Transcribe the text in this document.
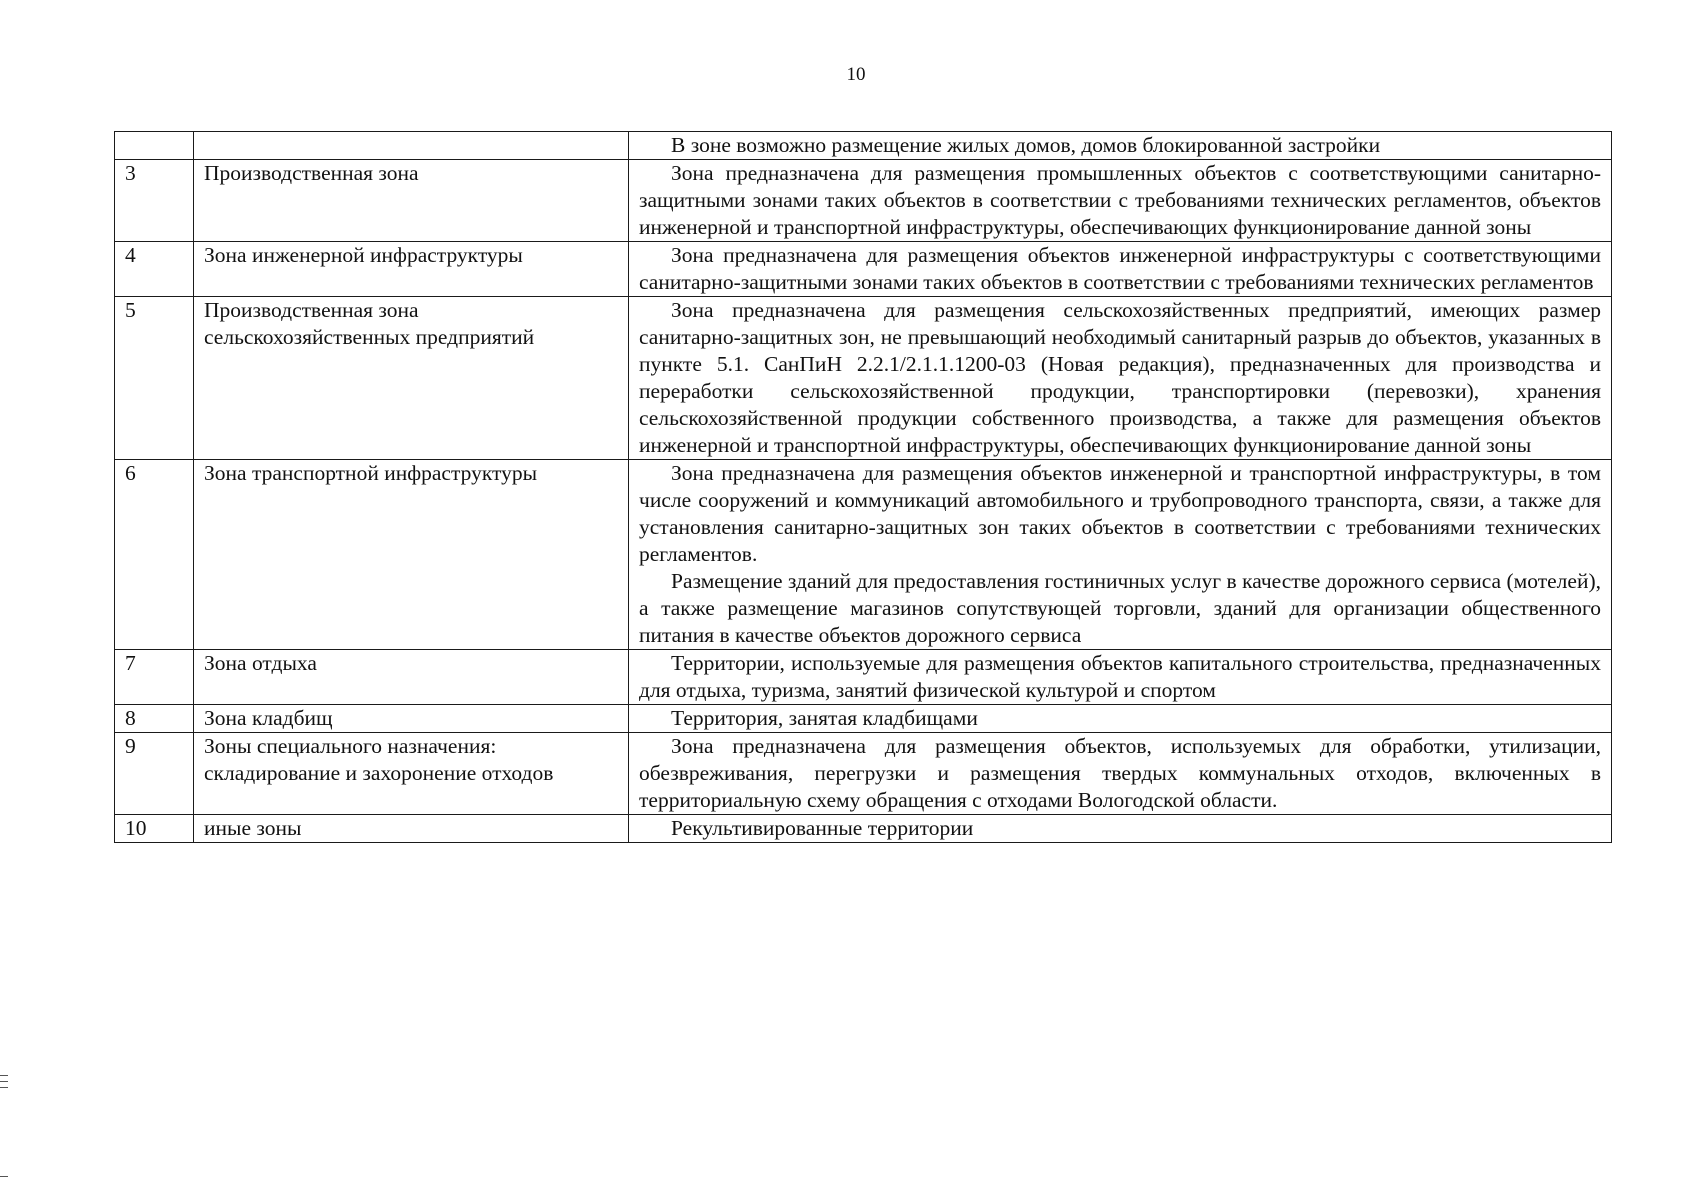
10

		В зоне возможно размещение жилых домов, домов блокированной застройки

3	Производственная зона	Зона предназначена для размещения промышленных объектов с соответствующими санитарно-защитными зонами таких объектов в соответствии с требованиями технических регламентов, объектов инженерной и транспортной инфраструктуры, обеспечивающих функционирование данной зоны

4	Зона инженерной инфраструктуры	Зона предназначена для размещения объектов инженерной инфраструктуры с соответствующими санитарно-защитными зонами таких объектов в соответствии с требованиями технических регламентов

5	Производственная зона
сельскохозяйственных предприятий	Зона предназначена для размещения сельскохозяйственных предприятий, имеющих размер санитарно-защитных зон, не превышающий необходимый санитарный разрыв до объектов, указанных в пункте 5.1. СанПиН 2.2.1/2.1.1.1200-03 (Новая редакция), предназначенных для производства и переработки сельскохозяйственной продукции, транспортировки (перевозки), хранения сельскохозяйственной продукции собственного производства, а также для размещения объектов инженерной и транспортной инфраструктуры, обеспечивающих функционирование данной зоны

6	Зона транспортной инфраструктуры	Зона предназначена для размещения объектов инженерной и транспортной инфраструктуры, в том числе сооружений и коммуникаций автомобильного и трубопроводного транспорта, связи, а также для установления санитарно-защитных зон таких объектов в соответствии с требованиями технических регламентов.

Размещение зданий для предоставления гостиничных услуг в качестве дорожного сервиса (мотелей), а также размещение магазинов сопутствующей торговли, зданий для организации общественного питания в качестве объектов дорожного сервиса

7	Зона отдыха	Территории, используемые для размещения объектов капитального строительства, предназначенных для отдыха, туризма, занятий физической культурой и спортом

8	Зона кладбищ	Территория, занятая кладбищами

9	Зоны специального назначения:
складирование и захоронение отходов	Зона предназначена для размещения объектов, используемых для обработки, утилизации, обезвреживания, перегрузки и размещения твердых коммунальных отходов, включенных в территориальную схему обращения с отходами Вологодской области.

10	иные зоны	Рекультивированные территории
